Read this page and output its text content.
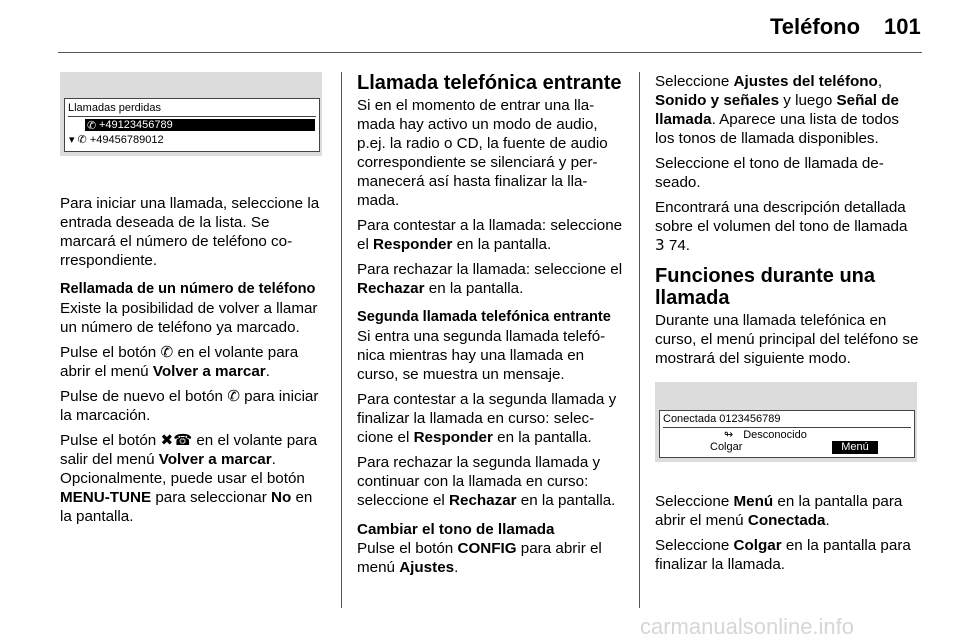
Teléfono 101
Llamadas perdidas
✆ +49123456789
▾ ✆ +49456789012

Para iniciar una llamada, seleccione la entrada deseada de la lista. Se marcará el número de teléfono correspondiente.

Rellamada de un número de teléfono

Existe la posibilidad de volver a llamar un número de teléfono ya marcado.

Pulse el botón ✆ en el volante para abrir el menú Volver a marcar.

Pulse de nuevo el botón ✆ para iniciar la marcación.

Pulse el botón ✖☎ en el volante para salir del menú Volver a marcar. Opcionalmente, puede usar el botón MENU-TUNE para seleccionar No en la pantalla.

Llamada telefónica entrante

Si en el momento de entrar una llamada hay activo un modo de audio, p.ej. la radio o CD, la fuente de audio correspondiente se silenciará y permanecerá así hasta finalizar la llamada.

Para contestar a la llamada: seleccione el Responder en la pantalla.

Para rechazar la llamada: seleccione el Rechazar en la pantalla.

Segunda llamada telefónica entrante

Si entra una segunda llamada telefónica mientras hay una llamada en curso, se muestra un mensaje.

Para contestar a la segunda llamada y finalizar la llamada en curso: seleccione el Responder en la pantalla.

Para rechazar la segunda llamada y continuar con la llamada en curso: seleccione el Rechazar en la pantalla.

Cambiar el tono de llamada

Pulse el botón CONFIG para abrir el menú Ajustes.

Seleccione Ajustes del teléfono, Sonido y señales y luego Señal de llamada. Aparece una lista de todos los tonos de llamada disponibles.

Seleccione el tono de llamada deseado.

Encontrará una descripción detallada sobre el volumen del tono de llamada 3 74.

Funciones durante una llamada

Durante una llamada telefónica en curso, el menú principal del teléfono se mostrará del siguiente modo.

Conectada 0123456789
↬ Desconocido
Colgar	Menú

Seleccione Menú en la pantalla para abrir el menú Conectada.

Seleccione Colgar en la pantalla para finalizar la llamada.

carmanualsonline.info
